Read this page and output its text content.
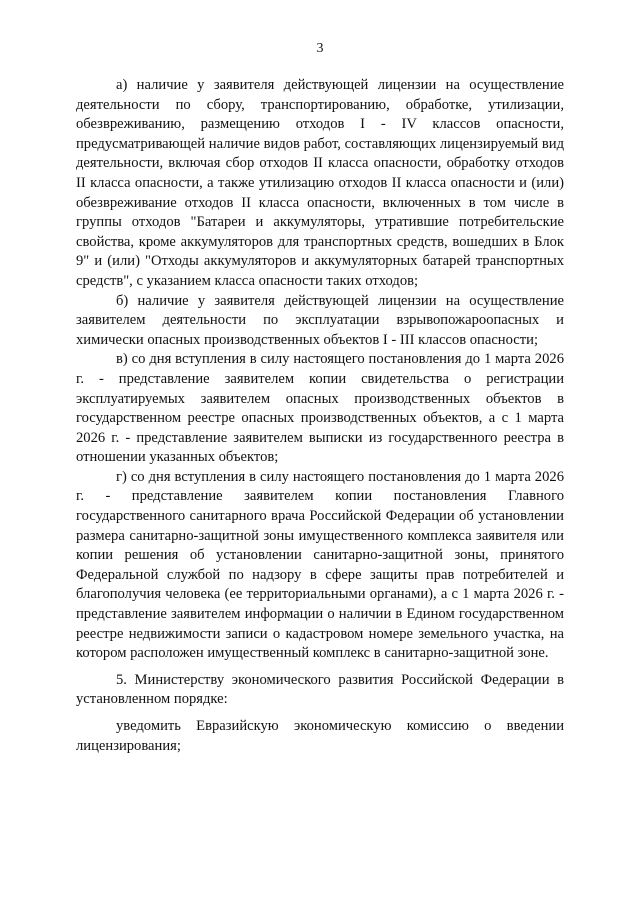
3

а) наличие у заявителя действующей лицензии на осуществление деятельности по сбору, транспортированию, обработке, утилизации, обезвреживанию, размещению отходов I - IV классов опасности, предусматривающей наличие видов работ, составляющих лицензируемый вид деятельности, включая сбор отходов II класса опасности, обработку отходов II класса опасности, а также утилизацию отходов II класса опасности и (или) обезвреживание отходов II класса опасности, включенных в том числе в группы отходов "Батареи и аккумуляторы, утратившие потребительские свойства, кроме аккумуляторов для транспортных средств, вошедших в Блок 9" и (или) "Отходы аккумуляторов и аккумуляторных батарей транспортных средств", с указанием класса опасности таких отходов;

б) наличие у заявителя действующей лицензии на осуществление заявителем деятельности по эксплуатации взрывопожароопасных и химически опасных производственных объектов I - III классов опасности;

в) со дня вступления в силу настоящего постановления до 1 марта 2026 г. - представление заявителем копии свидетельства о регистрации эксплуатируемых заявителем опасных производственных объектов в государственном реестре опасных производственных объектов, а с 1 марта 2026 г. - представление заявителем выписки из государственного реестра в отношении указанных объектов;

г) со дня вступления в силу настоящего постановления до 1 марта 2026 г. - представление заявителем копии постановления Главного государственного санитарного врача Российской Федерации об установлении размера санитарно-защитной зоны имущественного комплекса заявителя или копии решения об установлении санитарно-защитной зоны, принятого Федеральной службой по надзору в сфере защиты прав потребителей и благополучия человека (ее территориальными органами), а с 1 марта 2026 г. - представление заявителем информации о наличии в Едином государственном реестре недвижимости записи о кадастровом номере земельного участка, на котором расположен имущественный комплекс в санитарно-защитной зоне.

5. Министерству экономического развития Российской Федерации в установленном порядке:

уведомить Евразийскую экономическую комиссию о введении лицензирования;
